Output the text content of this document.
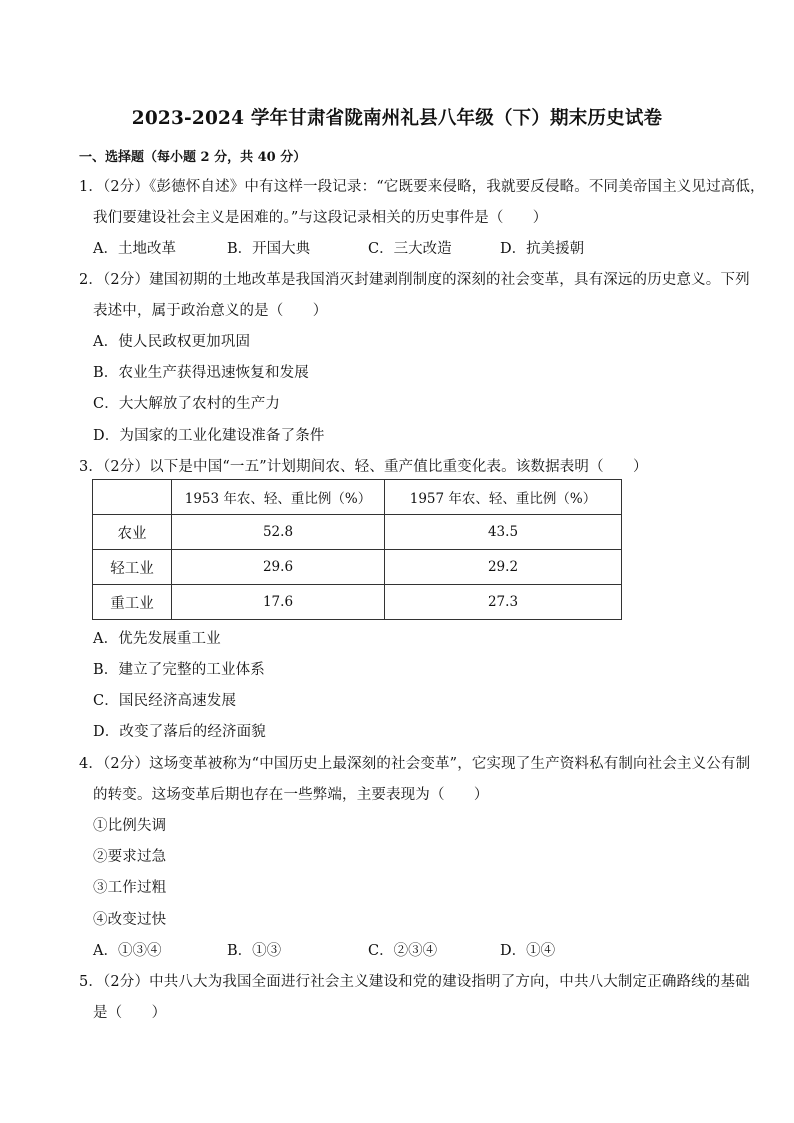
2023-2024 学年甘肃省陇南州礼县八年级（下）期末历史试卷
一、选择题（每小题 2 分，共 40 分）
1．（2分）《彭德怀自述》中有这样一段记录：“它既要来侵略，我就要反侵略。不同美帝国主义见过高低，
我们要建设社会主义是困难的。”与这段记录相关的历史事件是（　　）
A．土地改革	B．开国大典	C．三大改造	D．抗美援朝
2．（2分）建国初期的土地改革是我国消灭封建剥削制度的深刻的社会变革，具有深远的历史意义。下列
表述中，属于政治意义的是（　　）
A．使人民政权更加巩固
B．农业生产获得迅速恢复和发展
C．大大解放了农村的生产力
D．为国家的工业化建设准备了条件
3．（2分）以下是中国“一五”计划期间农、轻、重产值比重变化表。该数据表明（　　）
	1953 年农、轻、重比例（%）	1957 年农、轻、重比例（%）
农业	52.8	43.5
轻工业	29.6	29.2
重工业	17.6	27.3
A．优先发展重工业
B．建立了完整的工业体系
C．国民经济高速发展
D．改变了落后的经济面貌
4．（2分）这场变革被称为“中国历史上最深刻的社会变革”，它实现了生产资料私有制向社会主义公有制
的转变。这场变革后期也存在一些弊端，主要表现为（　　）
①比例失调
②要求过急
③工作过粗
④改变过快
A．①③④	B．①③	C．②③④	D．①④
5．（2分）中共八大为我国全面进行社会主义建设和党的建设指明了方向，中共八大制定正确路线的基础
是（　　）
